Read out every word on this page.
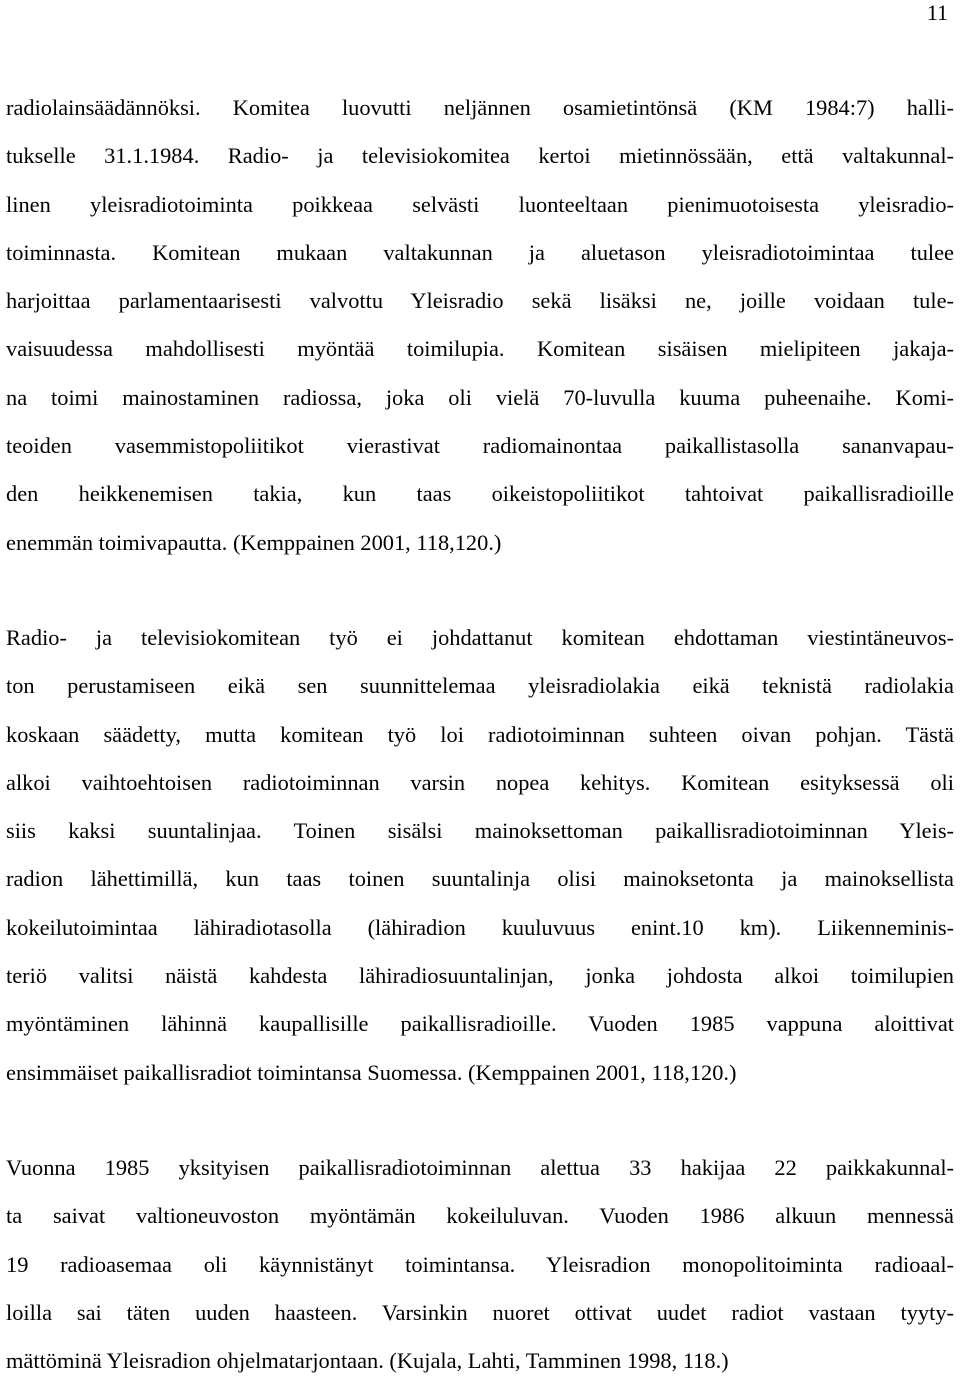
11
radiolainsäädännöksi. Komitea luovutti neljännen osamietintönsä (KM 1984:7) halli-
tukselle 31.1.1984. Radio- ja televisiokomitea kertoi mietinnössään, että valtakunnal-
linen yleisradiotoiminta poikkeaa selvästi luonteeltaan pienimuotoisesta yleisradio-
toiminnasta. Komitean mukaan valtakunnan ja aluetason yleisradiotoimintaa tulee
harjoittaa parlamentaarisesti valvottu Yleisradio sekä lisäksi ne, joille voidaan tule-
vaisuudessa mahdollisesti myöntää toimilupia. Komitean sisäisen mielipiteen jakaja-
na toimi mainostaminen radiossa, joka oli vielä 70-luvulla kuuma puheenaihe. Komi-
teoiden vasemmistopoliitikot vierastivat radiomainontaa paikallistasolla sananvapau-
den heikkenemisen takia, kun taas oikeistopoliitikot tahtoivat paikallisradioille
enemmän toimivapautta. (Kemppainen 2001, 118,120.)
Radio- ja televisiokomitean työ ei johdattanut komitean ehdottaman viestintäneuvos-
ton perustamiseen eikä sen suunnittelemaa yleisradiolakia eikä teknistä radiolakia
koskaan säädetty, mutta komitean työ loi radiotoiminnan suhteen oivan pohjan. Tästä
alkoi vaihtoehtoisen radiotoiminnan varsin nopea kehitys. Komitean esityksessä oli
siis kaksi suuntalinjaa. Toinen sisälsi mainoksettoman paikallisradiotoiminnan Yleis-
radion lähettimillä, kun taas toinen suuntalinja olisi mainoksetonta ja mainoksellista
kokeilutoimintaa lähiradiotasolla (lähiradion kuuluvuus enint.10 km). Liikenneminis-
teriö valitsi näistä kahdesta lähiradiosuuntalinjan, jonka johdosta alkoi toimilupien
myöntäminen lähinnä kaupallisille paikallisradioille. Vuoden 1985 vappuna aloittivat
ensimmäiset paikallisradiot toimintansa Suomessa. (Kemppainen 2001, 118,120.)
Vuonna 1985 yksityisen paikallisradiotoiminnan alettua 33 hakijaa 22 paikkakunnal-
ta saivat valtioneuvoston myöntämän kokeiluluvan. Vuoden 1986 alkuun mennessä
19 radioasemaa oli käynnistänyt toimintansa. Yleisradion monopolitoiminta radioaal-
loilla sai täten uuden haasteen. Varsinkin nuoret ottivat uudet radiot vastaan tyyty-
mättöminä Yleisradion ohjelmatarjontaan. (Kujala, Lahti, Tamminen 1998, 118.)
